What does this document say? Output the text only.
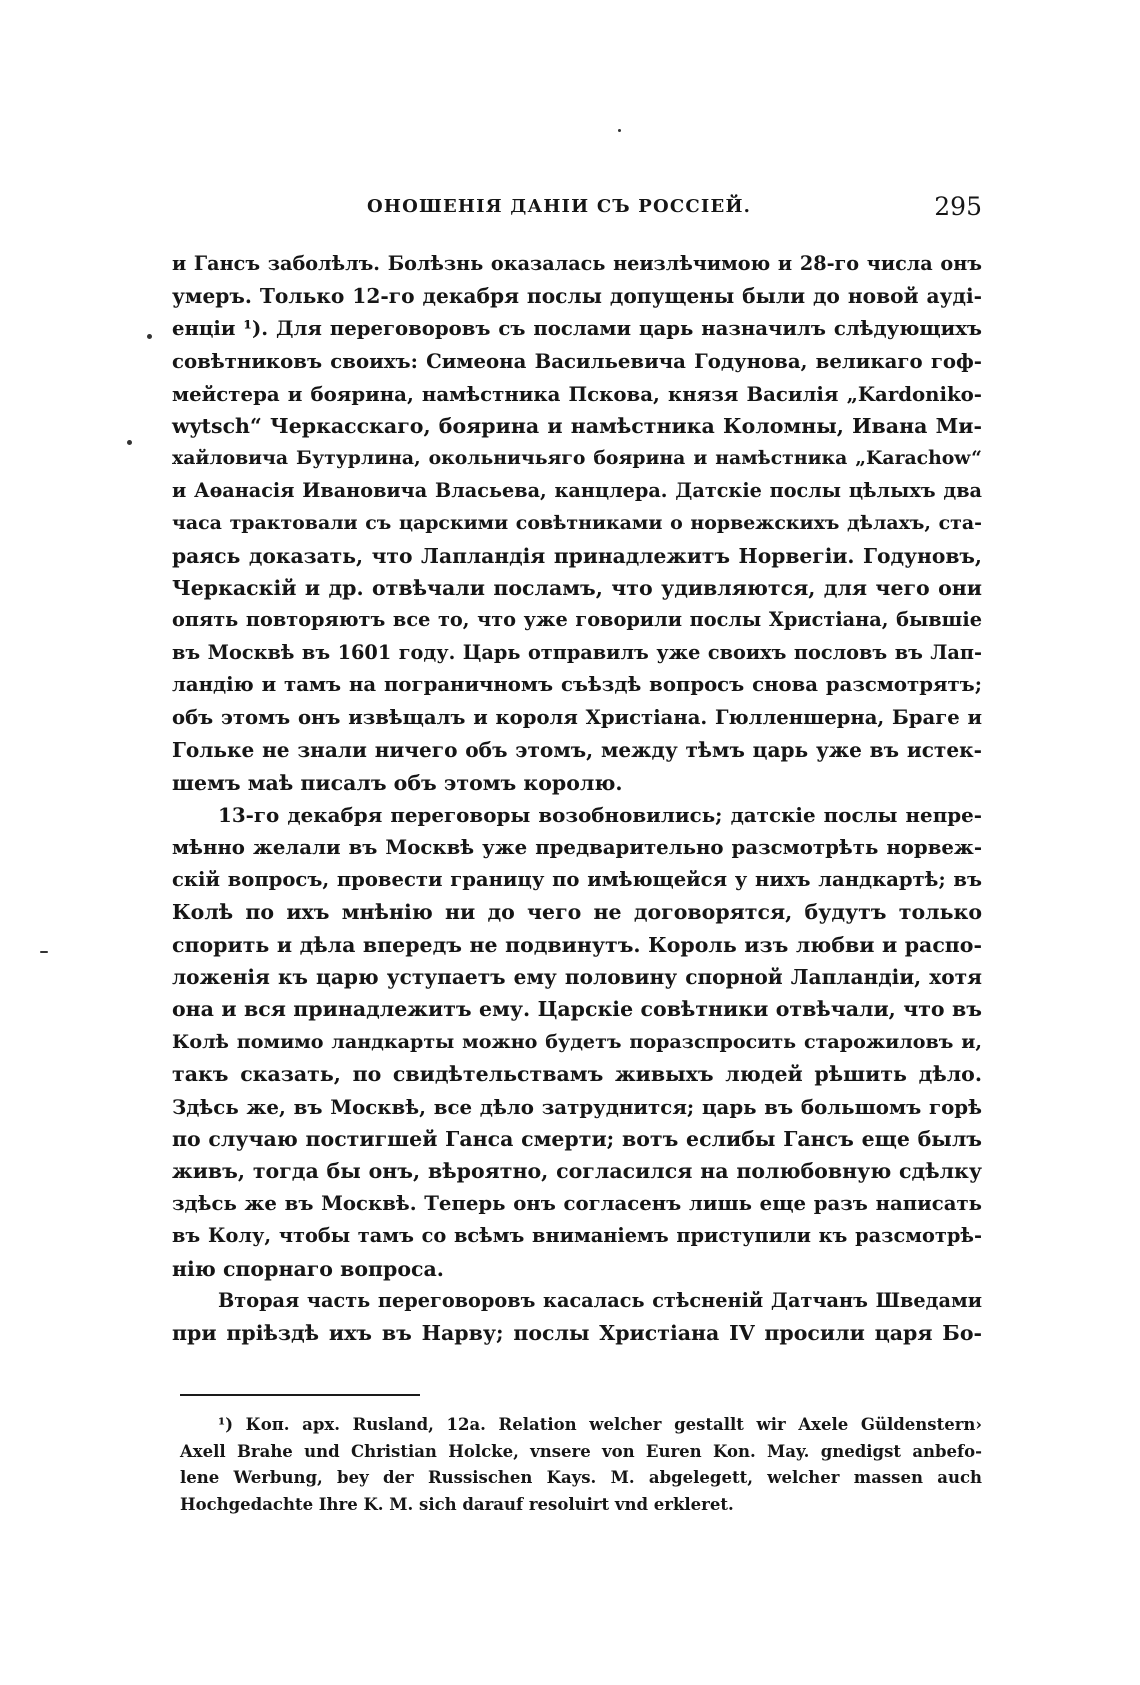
ОНОШЕНІЯ ДАНІИ СЪ РОССІЕЙ.	295
и Гансъ заболѣлъ. Болѣзнь оказалась неизлѣчимою и 28-го числа онъ
умеръ. Только 12-го декабря послы допущены были до новой ауді-
енціи ¹). Для переговоровъ съ послами царь назначилъ слѣдующихъ
совѣтниковъ своихъ: Симеона Васильевича Годунова, великаго гоф-
мейстера и боярина, намѣстника Пскова, князя Василія „Kardoniko-
wytsch“ Черкасскаго, боярина и намѣстника Коломны, Ивана Ми-
хайловича Бутурлина, окольничьяго боярина и намѣстника „Karachow“
и Аѳанасія Ивановича Власьева, канцлера. Датскіе послы цѣлыхъ два
часа трактовали съ царскими совѣтниками о норвежскихъ дѣлахъ, ста-
раясь доказать, что Лапландія принадлежитъ Норвегіи. Годуновъ,
Черкаскій и др. отвѣчали посламъ, что удивляются, для чего они
опять повторяютъ все то, что уже говорили послы Христіана, бывшіе
въ Москвѣ въ 1601 году. Царь отправилъ уже своихъ пословъ въ Лап-
ландію и тамъ на пограничномъ съѣздѣ вопросъ снова разсмотрятъ;
объ этомъ онъ извѣщалъ и короля Христіана. Гюлленшерна, Браге и
Гольке не знали ничего объ этомъ, между тѣмъ царь уже въ истек-
шемъ маѣ писалъ объ этомъ королю.
13-го декабря переговоры возобновились; датскіе послы непре-
мѣнно желали въ Москвѣ уже предварительно разсмотрѣть норвеж-
скій вопросъ, провести границу по имѣющейся у нихъ ландкартѣ; въ
Колѣ по ихъ мнѣнію ни до чего не договорятся, будутъ только
спорить и дѣла впередъ не подвинутъ. Король изъ любви и распо-
ложенія къ царю уступаетъ ему половину спорной Лапландіи, хотя
она и вся принадлежитъ ему. Царскіе совѣтники отвѣчали, что въ
Колѣ помимо ландкарты можно будетъ поразспросить старожиловъ и,
такъ сказать, по свидѣтельствамъ живыхъ людей рѣшить дѣло.
Здѣсь же, въ Москвѣ, все дѣло затруднится; царь въ большомъ горѣ
по случаю постигшей Ганса смерти; вотъ еслибы Гансъ еще былъ
живъ, тогда бы онъ, вѣроятно, согласился на полюбовную сдѣлку
здѣсь же въ Москвѣ. Теперь онъ согласенъ лишь еще разъ написать
въ Колу, чтобы тамъ со всѣмъ вниманіемъ приступили къ разсмотрѣ-
нію спорнаго вопроса.
Вторая часть переговоровъ касалась стѣсненій Датчанъ Шведами
при пріѣздѣ ихъ въ Нарву; послы Христіана IV просили царя Бо-
¹) Коп. арх. Rusland, 12a. Relation welcher gestallt wir Axele Güldenstern›
Axell Brahe und Christian Holcke, vnsere von Euren Kon. May. gnedigst anbefo-
lene Werbung, bey der Russischen Kays. M. abgelegett, welcher massen auch
Hochgedachte Ihre K. M. sich darauf resoluirt vnd erkleret.
